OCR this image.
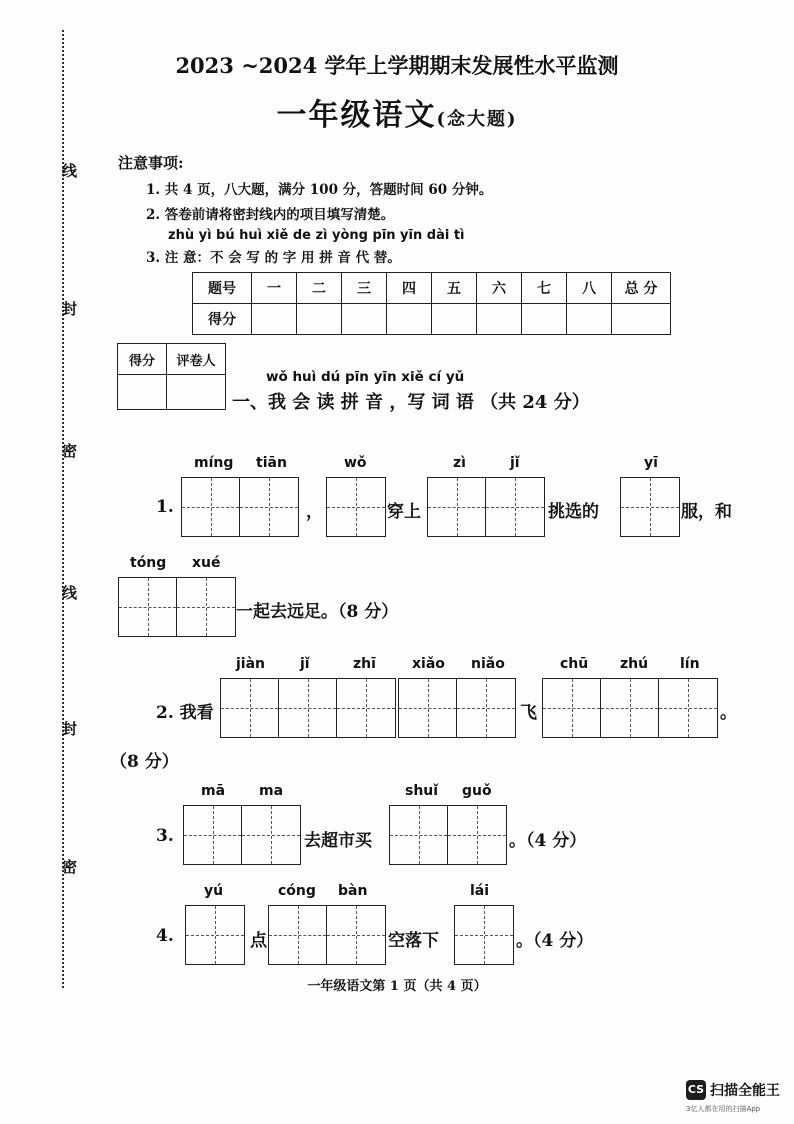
线
封
密
线
封
密
2023 ~2024 学年上学期期末发展性水平监测
一年级语文(念大题)
注意事项:
1. 共 4 页，八大题，满分 100 分，答题时间 60 分钟。
2. 答卷前请将密封线内的项目填写清楚。
zhù yì bú huì xiě de zì yòng pīn yīn dài tì
3. 注 意：不 会 写 的 字 用 拼 音 代 替。
题号	一	二	三	四	五	六	七	八	总 分
得分									
得分	评卷人

wǒ huì dú pīn yīn xiě cí yǔ
一、我 会 读 拼 音 ，写 词 语 （共 24 分）
míng tiān	wǒ	zì	jǐ	yī
1.	，	穿上	挑选的	服，和
tóng xué
一起去远足。（8 分）
jiàn jǐ	zhī	xiǎo niǎo	chū zhú lín
2. 我看	飞	。
（8 分）
mā ma	shuǐ guǒ
3.	去超市买	。（4 分）
yú	cóng bàn	lái
4.	点	空落下	。（4 分）
一年级语文第 1 页（共 4 页）
CS 扫描全能王
3亿人都在用的扫描App
